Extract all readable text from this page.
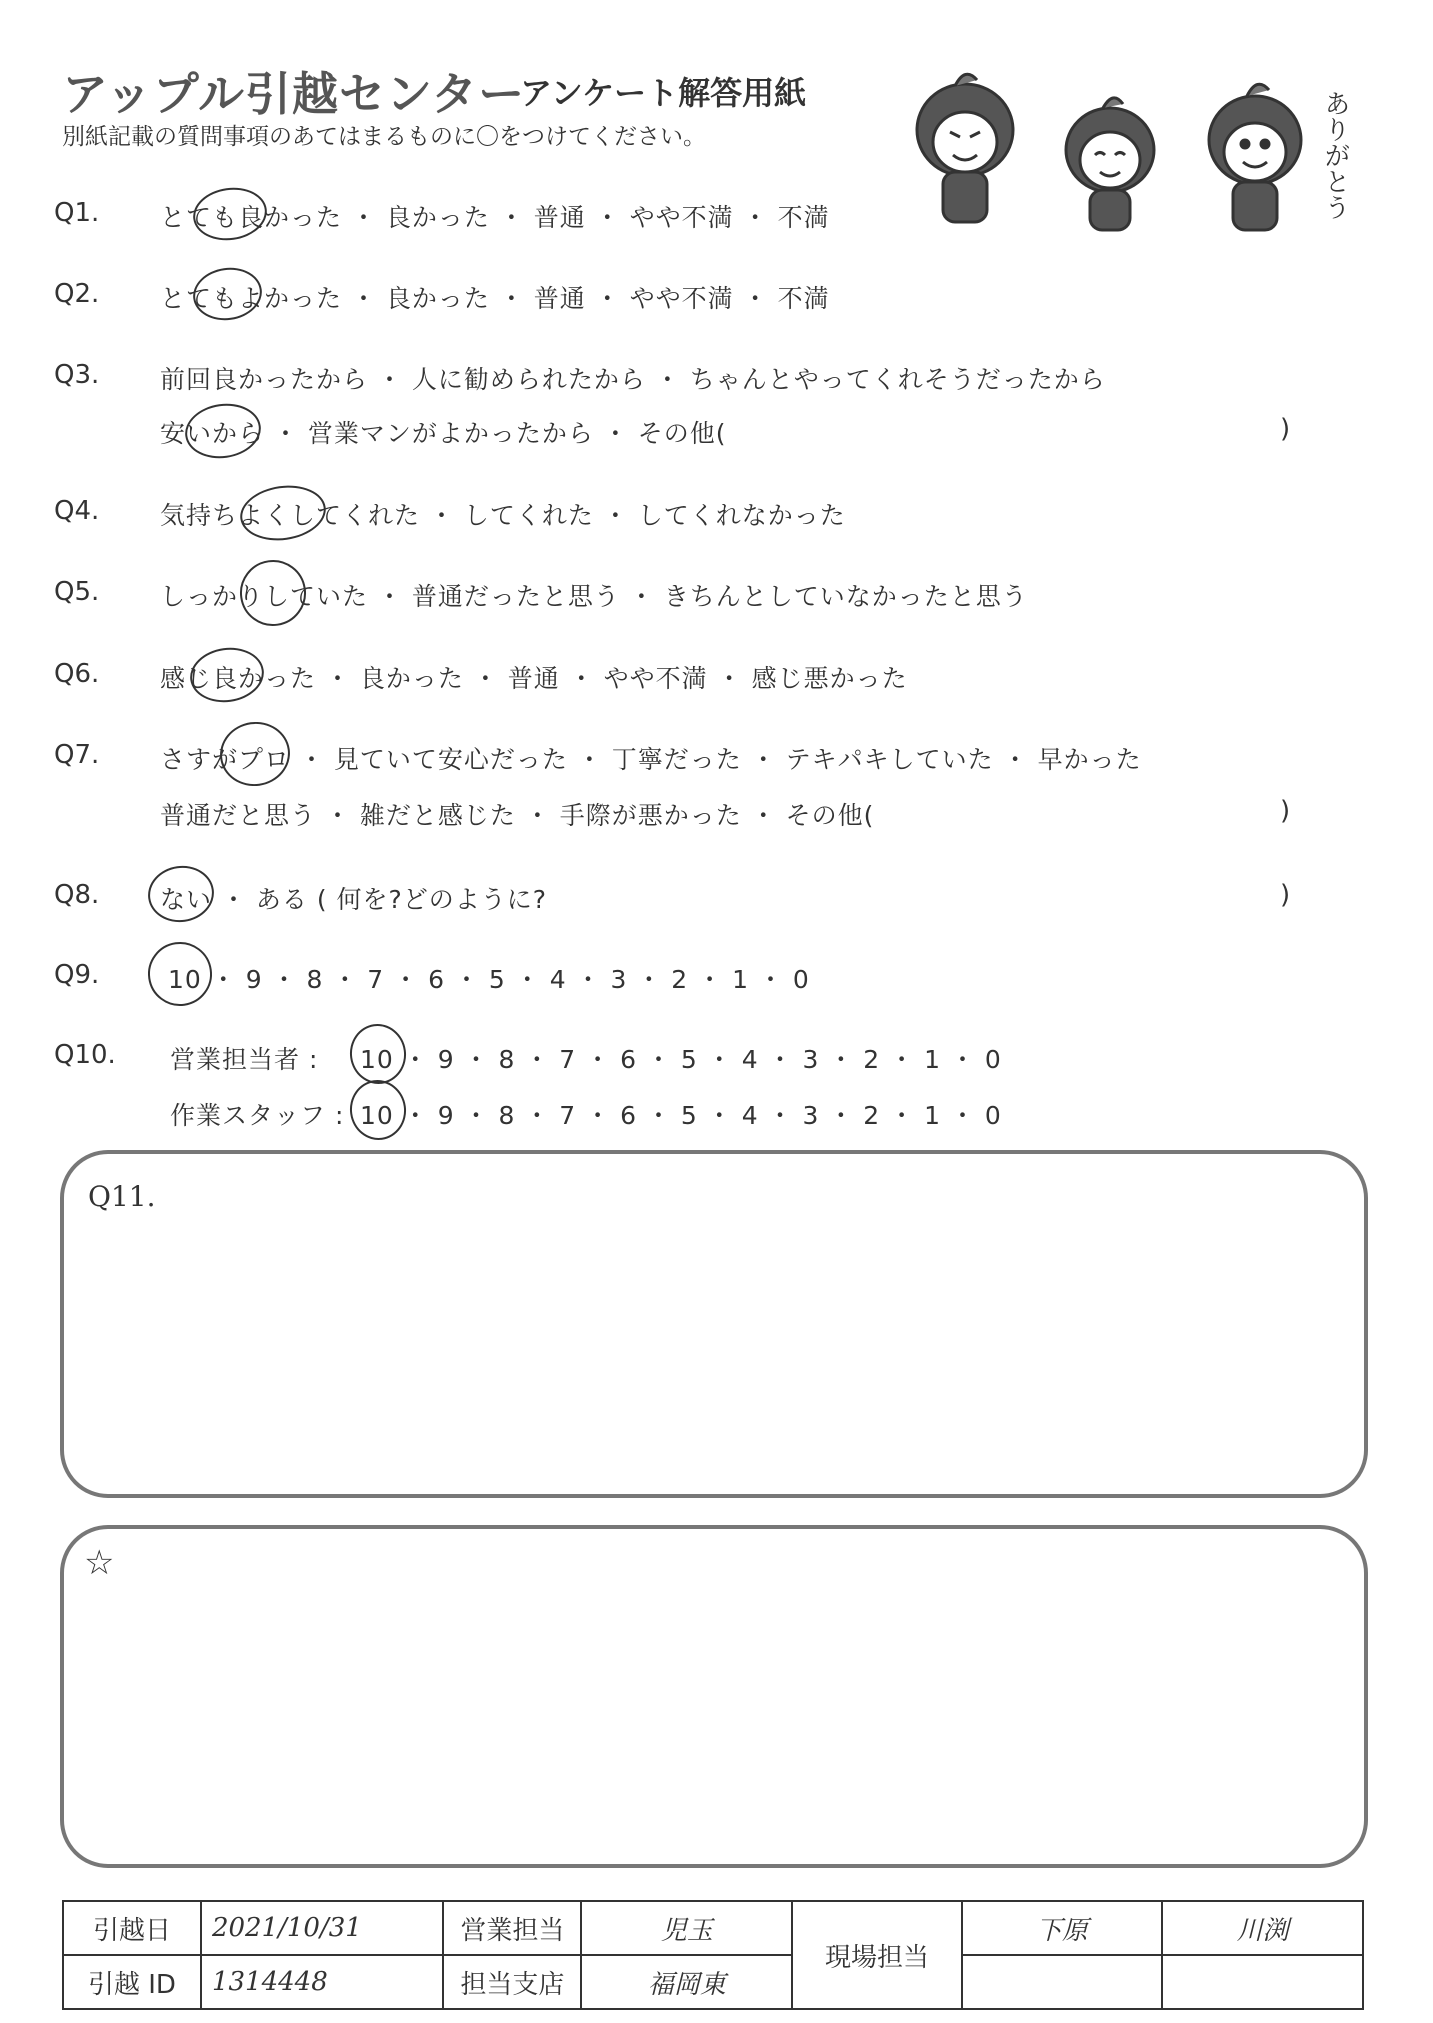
アップル引越センター
アンケート解答用紙
別紙記載の質問事項のあてはまるものに〇をつけてください。	ありがとう
Q1. とても良かった ・ 良かった ・ 普通 ・ やや不満 ・ 不満
Q2. とてもよかった ・ 良かった ・ 普通 ・ やや不満 ・ 不満
Q3. 前回良かったから ・ 人に勧められたから ・ ちゃんとやってくれそうだったから
安いから ・ 営業マンがよかったから ・ その他(	)
Q4. 気持ちよくしてくれた ・ してくれた ・ してくれなかった
Q5. しっかりしていた ・ 普通だったと思う ・ きちんとしていなかったと思う
Q6. 感じ良かった ・ 良かった ・ 普通 ・ やや不満 ・ 感じ悪かった
Q7. さすがプロ ・ 見ていて安心だった ・ 丁寧だった ・ テキパキしていた ・ 早かった
普通だと思う ・ 雑だと感じた ・ 手際が悪かった ・ その他(	)
Q8. ない ・ ある ( 何を?どのように?	)
Q9.	10 ・ 9 ・ 8 ・ 7 ・ 6 ・ 5 ・ 4 ・ 3 ・ 2 ・ 1 ・ 0
Q10. 営業担当者 : 10 ・ 9 ・ 8 ・ 7 ・ 6 ・ 5 ・ 4 ・ 3 ・ 2 ・ 1 ・ 0
作業スタッフ : 10 ・ 9 ・ 8 ・ 7 ・ 6 ・ 5 ・ 4 ・ 3 ・ 2 ・ 1 ・ 0
Q11.
☆
引越日	2021/10/31	営業担当	児玉	現場担当	下原	川渕
引越 ID	1314448	担当支店	福岡東			
